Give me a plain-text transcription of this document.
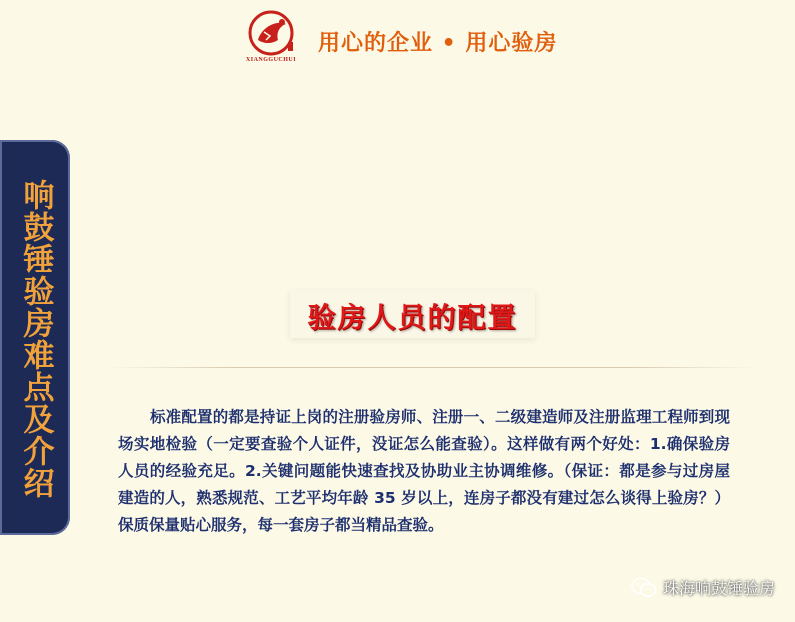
XIANGGUCHUI
用心的企业 • 用心验房
响鼓锤验房难点及介绍	验房人员的配置
标准配置的都是持证上岗的注册验房师、注册一、二级建造师及注册监理工程师到现场实地检验（一定要查验个人证件，没证怎么能查验）。这样做有两个好处：1.确保验房人员的经验充足。2.关键问题能快速查找及协助业主协调维修。（保证：都是参与过房屋建造的人，熟悉规范、工艺平均年龄 35 岁以上，连房子都没有建过怎么谈得上验房？）保质保量贴心服务，每一套房子都当精品查验。
珠海响鼓锤验房
